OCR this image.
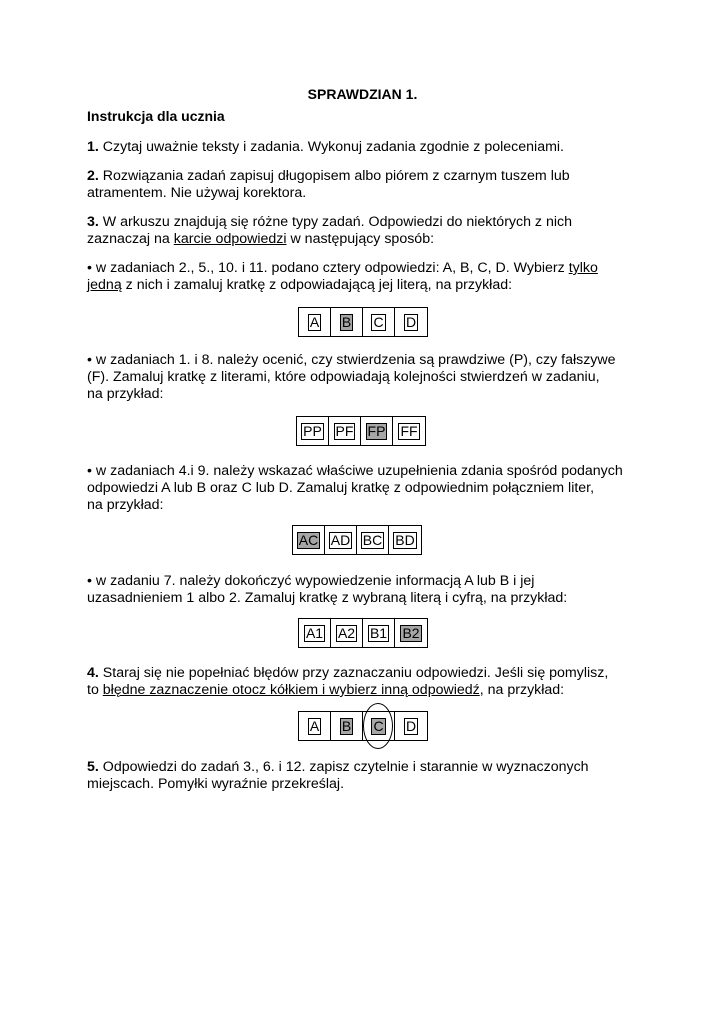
SPRAWDZIAN 1.
Instrukcja dla ucznia
1. Czytaj uważnie teksty i zadania. Wykonuj zadania zgodnie z poleceniami.
2. Rozwiązania zadań zapisuj długopisem albo piórem z czarnym tuszem lub
atramentem. Nie używaj korektora.
3. W arkuszu znajdują się różne typy zadań. Odpowiedzi do niektórych z nich
zaznaczaj na karcie odpowiedzi w następujący sposób:
• w zadaniach 2., 5., 10. i 11. podano cztery odpowiedzi: A, B, C, D. Wybierz tylko
jedną z nich i zamaluj kratkę z odpowiadającą jej literą, na przykład:
A B C D
• w zadaniach 1. i 8. należy ocenić, czy stwierdzenia są prawdziwe (P), czy fałszywe
(F). Zamaluj kratkę z literami, które odpowiadają kolejności stwierdzeń w zadaniu,
na przykład:
PP PF FP FF
• w zadaniach 4.i 9. należy wskazać właściwe uzupełnienia zdania spośród podanych
odpowiedzi A lub B oraz C lub D. Zamaluj kratkę z odpowiednim połączniem liter,
na przykład:
AC AD BC BD
• w zadaniu 7. należy dokończyć wypowiedzenie informacją A lub B i jej
uzasadnieniem 1 albo 2. Zamaluj kratkę z wybraną literą i cyfrą, na przykład:
A1 A2 B1 B2
4. Staraj się nie popełniać błędów przy zaznaczaniu odpowiedzi. Jeśli się pomylisz,
to błędne zaznaczenie otocz kółkiem i wybierz inną odpowiedź, na przykład:
A B C D
5. Odpowiedzi do zadań 3., 6. i 12. zapisz czytelnie i starannie w wyznaczonych
miejscach. Pomyłki wyraźnie przekreślaj.
